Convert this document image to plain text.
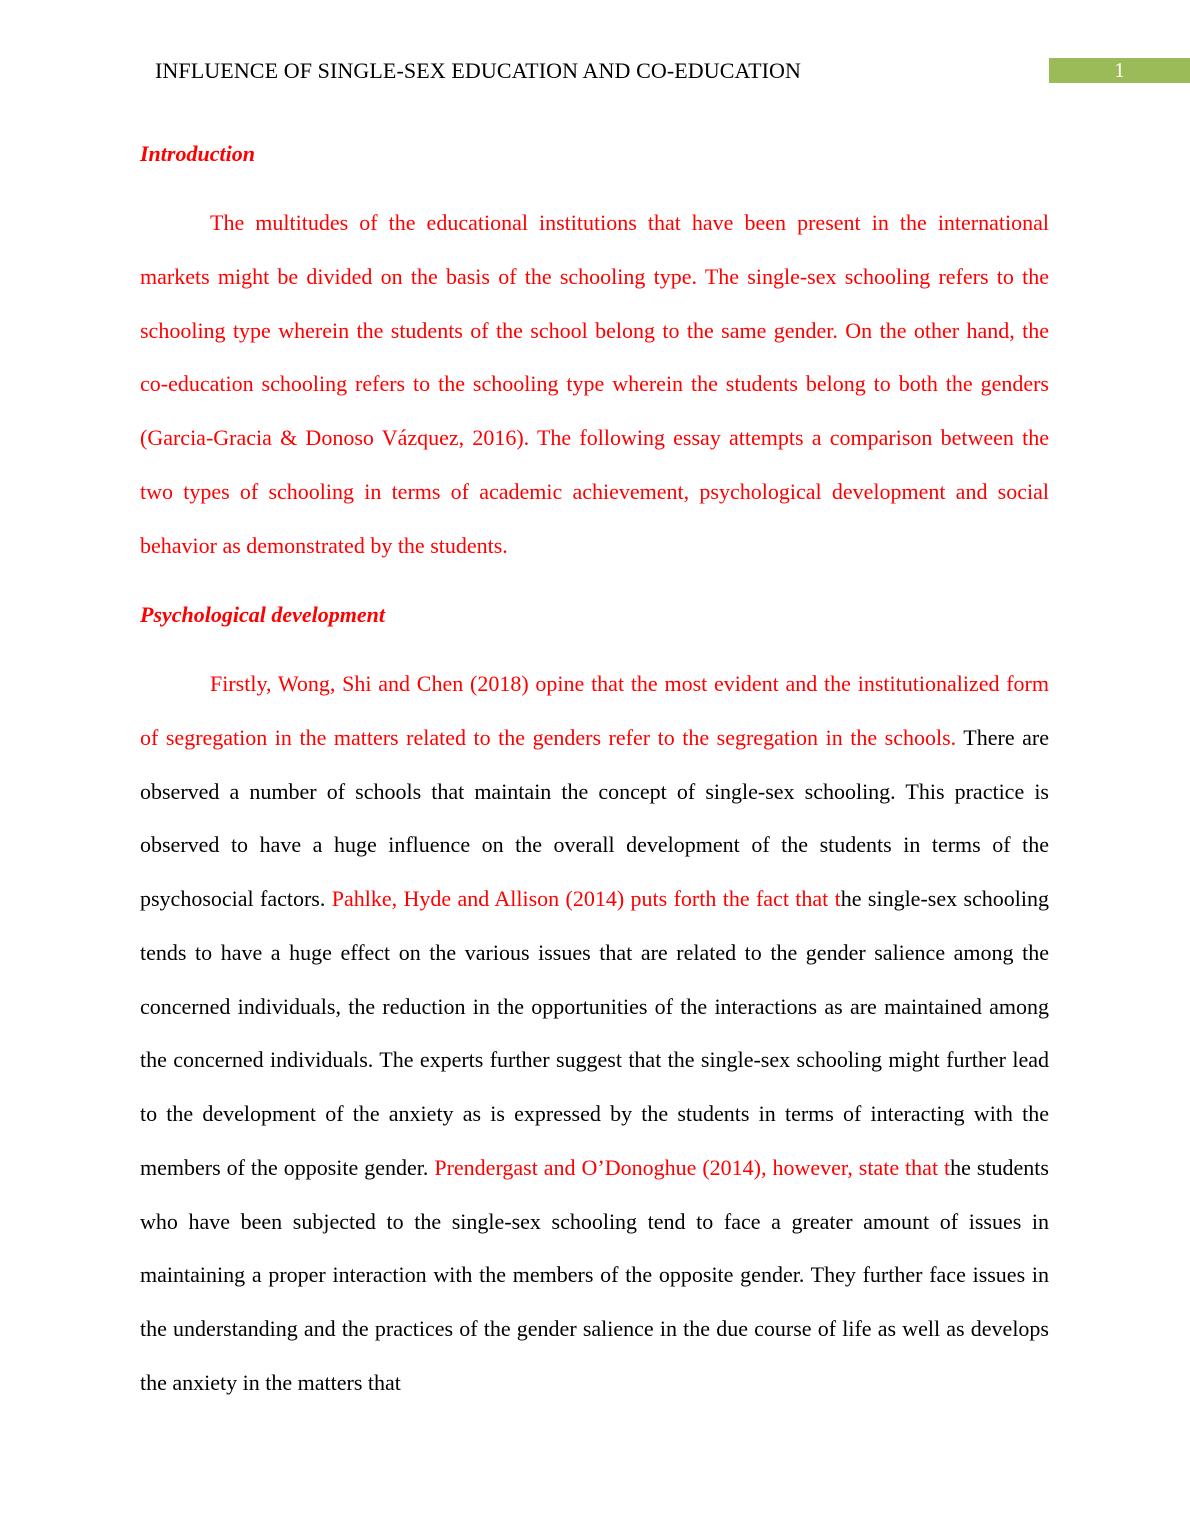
INFLUENCE OF SINGLE-SEX EDUCATION AND CO-EDUCATION	1
Introduction

The multitudes of the educational institutions that have been present in the international markets might be divided on the basis of the schooling type. The single-sex schooling refers to the schooling type wherein the students of the school belong to the same gender. On the other hand, the co-education schooling refers to the schooling type wherein the students belong to both the genders (Garcia-Gracia & Donoso Vázquez, 2016). The following essay attempts a comparison between the two types of schooling in terms of academic achievement, psychological development and social behavior as demonstrated by the students.

Psychological development

Firstly, Wong, Shi and Chen (2018) opine that the most evident and the institutionalized form of segregation in the matters related to the genders refer to the segregation in the schools. There are observed a number of schools that maintain the concept of single-sex schooling. This practice is observed to have a huge influence on the overall development of the students in terms of the psychosocial factors. Pahlke, Hyde and Allison (2014) puts forth the fact that the single-sex schooling tends to have a huge effect on the various issues that are related to the gender salience among the concerned individuals, the reduction in the opportunities of the interactions as are maintained among the concerned individuals. The experts further suggest that the single-sex schooling might further lead to the development of the anxiety as is expressed by the students in terms of interacting with the members of the opposite gender. Prendergast and O’Donoghue (2014), however, state that the students who have been subjected to the single-sex schooling tend to face a greater amount of issues in maintaining a proper interaction with the members of the opposite gender. They further face issues in the understanding and the practices of the gender salience in the due course of life as well as develops the anxiety in the matters that
